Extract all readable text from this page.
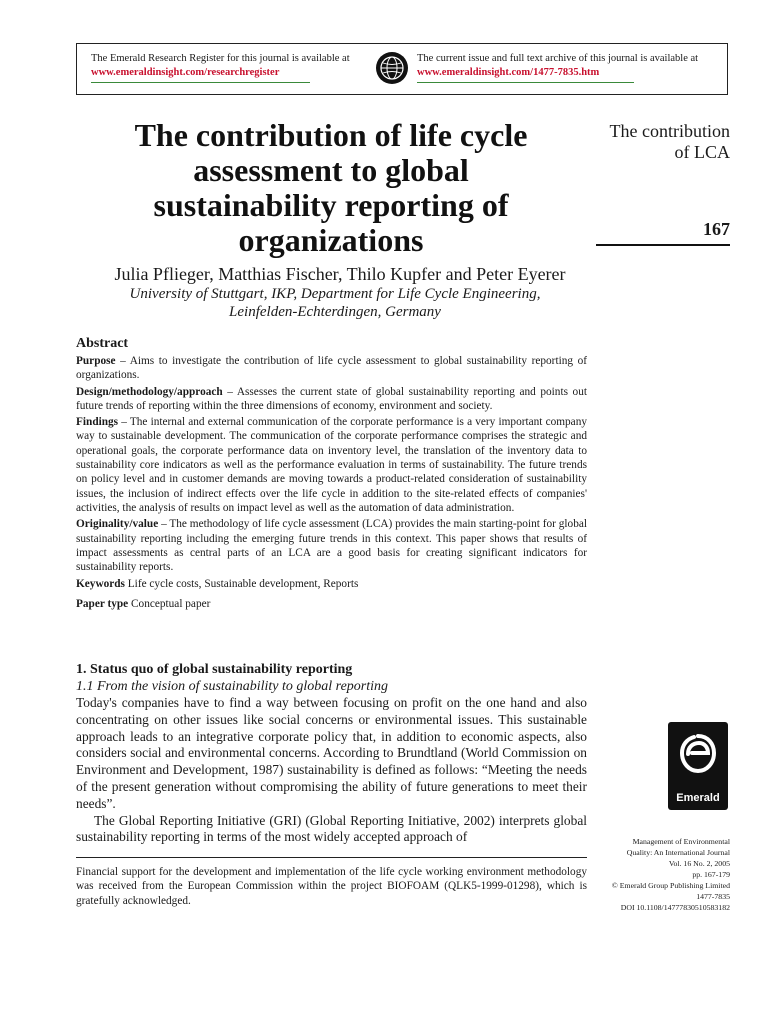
The Emerald Research Register for this journal is available at
www.emeraldinsight.com/researchregister
The current issue and full text archive of this journal is available at
www.emeraldinsight.com/1477-7835.htm
The contribution of life cycle
assessment to global
sustainability reporting of
organizations
Julia Pflieger, Matthias Fischer, Thilo Kupfer and Peter Eyerer
University of Stuttgart, IKP, Department for Life Cycle Engineering,
Leinfelden-Echterdingen, Germany
The contribution
of LCA
167
Abstract

Purpose – Aims to investigate the contribution of life cycle assessment to global sustainability reporting of organizations.

Design/methodology/approach – Assesses the current state of global sustainability reporting and points out future trends of reporting within the three dimensions of economy, environment and society.

Findings – The internal and external communication of the corporate performance is a very important company way to sustainable development. The communication of the corporate performance comprises the strategic and operational goals, the corporate performance data on inventory level, the translation of the inventory data to sustainability core indicators as well as the performance evaluation in terms of sustainability. The future trends on policy level and in customer demands are moving towards a product-related consideration of sustainability issues, the inclusion of indirect effects over the life cycle in addition to the site-related effects of companies' activities, the analysis of results on impact level as well as the automation of data administration.

Originality/value – The methodology of life cycle assessment (LCA) provides the main starting-point for global sustainability reporting including the emerging future trends in this context. This paper shows that results of impact assessments as central parts of an LCA are a good basis for creating significant indicators for sustainability reports.

Keywords Life cycle costs, Sustainable development, Reports

Paper type Conceptual paper

1. Status quo of global sustainability reporting
1.1 From the vision of sustainability to global reporting

Today's companies have to find a way between focusing on profit on the one hand and also concentrating on other issues like social concerns or environmental issues. This sustainable approach leads to an integrative corporate policy that, in addition to economic aspects, also considers social and environmental concerns. According to Brundtland (World Commission on Environment and Development, 1987) sustainability is defined as follows: “Meeting the needs of the present generation without compromising the ability of future generations to meet their needs”.

The Global Reporting Initiative (GRI) (Global Reporting Initiative, 2002) interprets global sustainability reporting in terms of the most widely accepted approach of

Financial support for the development and implementation of the life cycle working environment methodology was received from the European Commission within the project BIOFOAM (QLK5-1999-01298), which is gratefully acknowledged.
Emerald
Management of Environmental
Quality: An International Journal
Vol. 16 No. 2, 2005
pp. 167-179
© Emerald Group Publishing Limited
1477-7835
DOI 10.1108/14777830510583182
